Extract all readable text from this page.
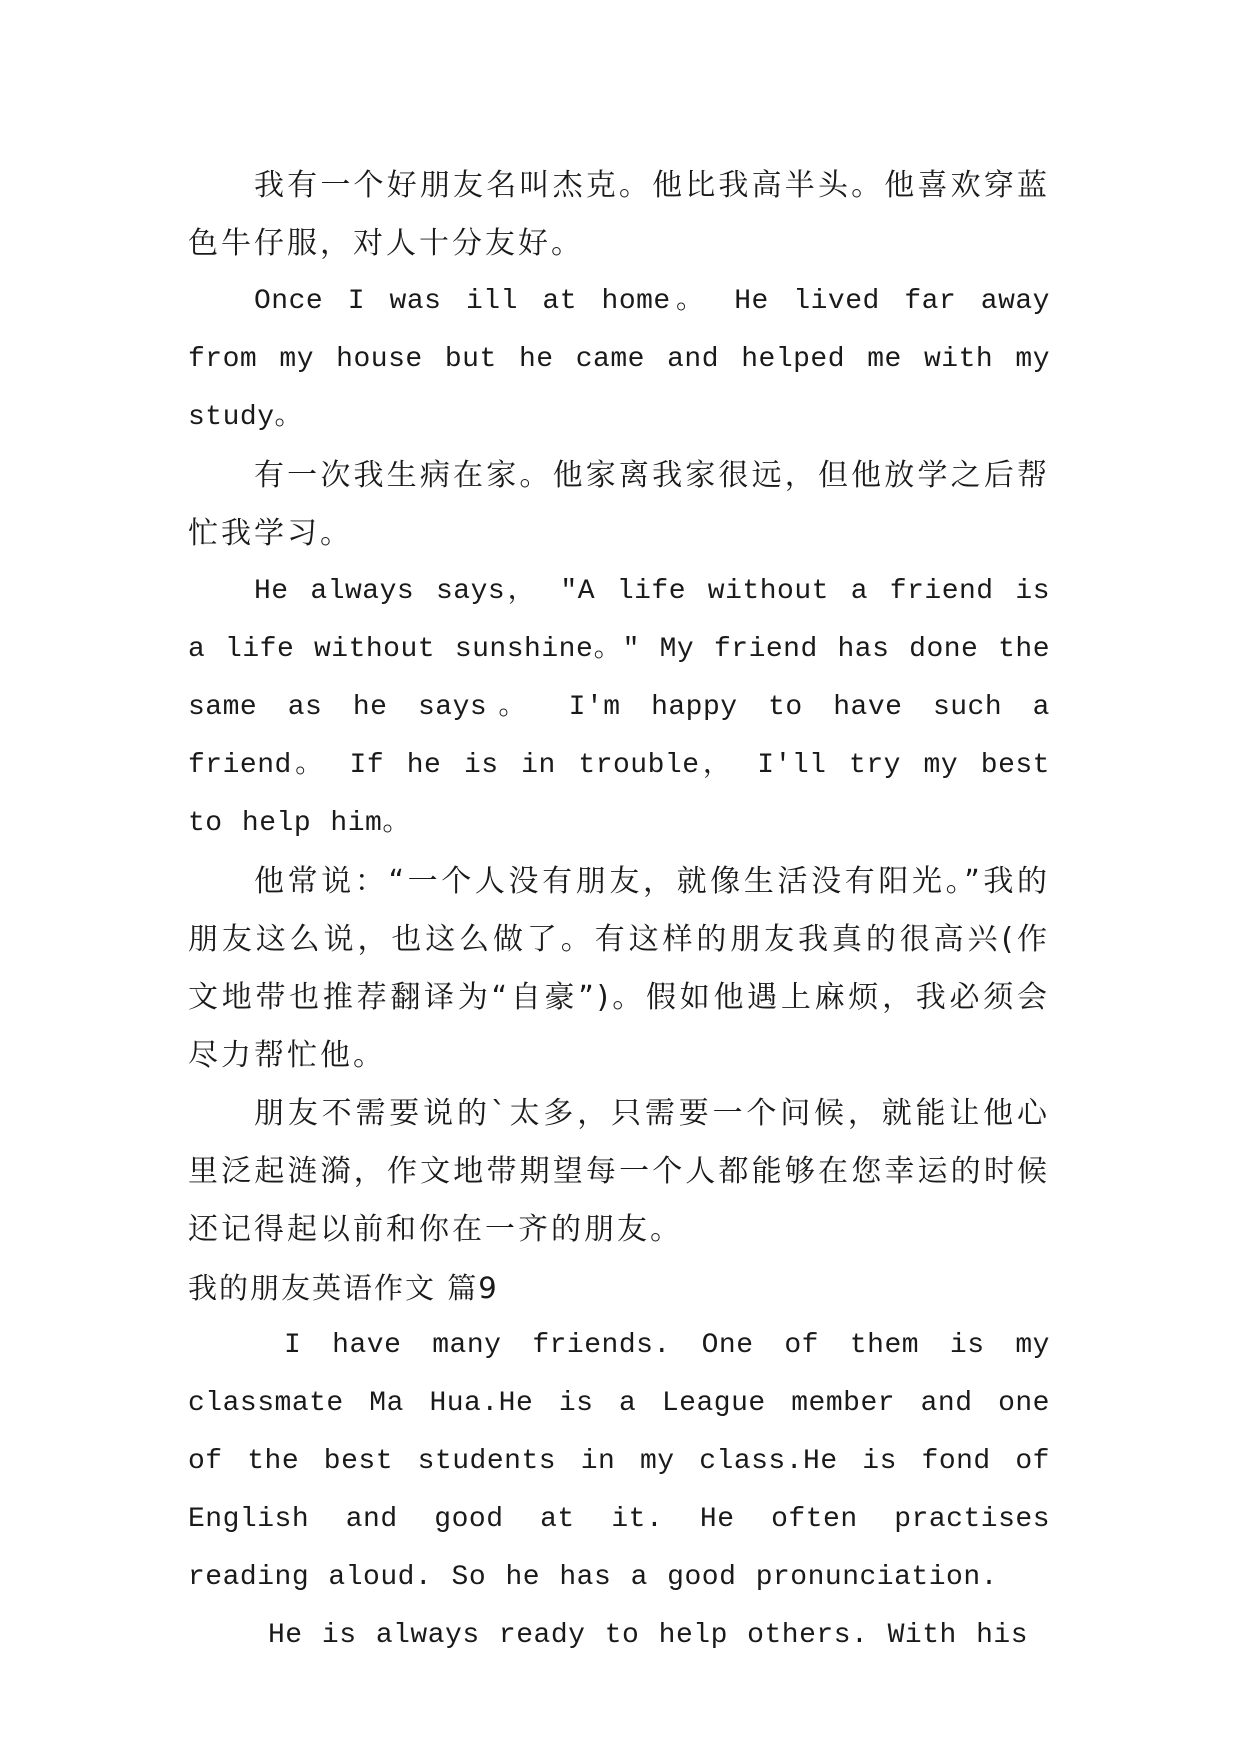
我有一个好朋友名叫杰克。他比我高半头。他喜欢穿蓝色牛仔服，对人十分友好。

Once I was ill at home。 He lived far away from my house but he came and helped me with my study。

有一次我生病在家。他家离我家很远，但他放学之后帮忙我学习。

He always says， "A life without a friend is a life without sunshine。" My friend has done the same as he says。 I'm happy to have such a friend。 If he is in trouble， I'll try my best to help him。

他常说：“一个人没有朋友，就像生活没有阳光。”我的朋友这么说，也这么做了。有这样的朋友我真的很高兴(作文地带也推荐翻译为“自豪”)。假如他遇上麻烦，我必须会尽力帮忙他。

朋友不需要说的`太多，只需要一个问候，就能让他心里泛起涟漪，作文地带期望每一个人都能够在您幸运的时候还记得起以前和你在一齐的朋友。

我的朋友英语作文 篇9

I have many friends. One of them is my classmate Ma Hua.He is a League member and one of the best students in my class.He is fond of English and good at it. He often practises reading aloud. So he has a good pronunciation.

He is always ready to help others. With his
